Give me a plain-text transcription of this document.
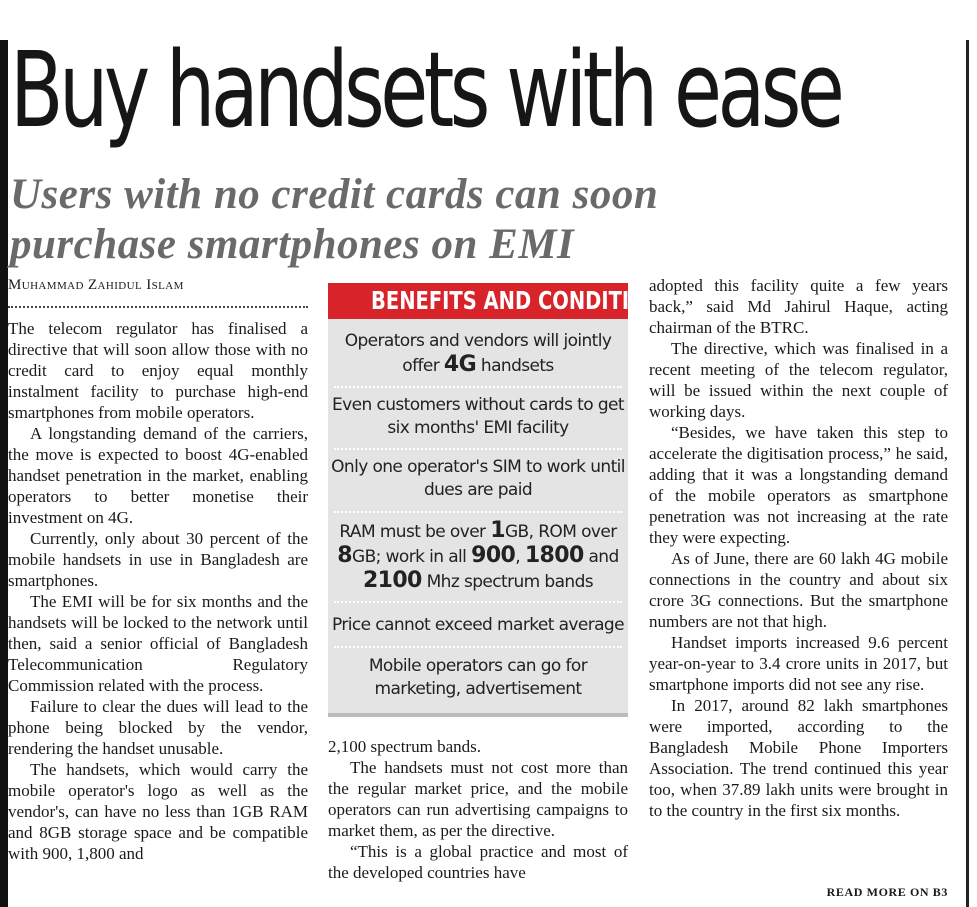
Buy handsets with ease
Users with no credit cards can soon purchase smartphones on EMI
Muhammad Zahidul Islam

The telecom regulator has finalised a directive that will soon allow those with no credit card to enjoy equal monthly instalment facility to purchase high-end smartphones from mobile operators.

A longstanding demand of the carriers, the move is expected to boost 4G-enabled handset penetration in the market, enabling operators to better monetise their investment on 4G.

Currently, only about 30 percent of the mobile handsets in use in Bangladesh are smartphones.

The EMI will be for six months and the handsets will be locked to the network until then, said a senior official of Bangladesh Telecommunication Regulatory Commission related with the process.

Failure to clear the dues will lead to the phone being blocked by the vendor, rendering the handset unusable.

The handsets, which would carry the mobile operator's logo as well as the vendor's, can have no less than 1GB RAM and 8GB storage space and be compatible with 900, 1,800 and

BENEFITS AND CONDITIONS
Operators and vendors will jointly offer 4G handsets
Even customers without cards to get six months' EMI facility
Only one operator's SIM to work until dues are paid
RAM must be over 1GB, ROM over 8GB; work in all 900, 1800 and 2100 Mhz spectrum bands
Price cannot exceed market average
Mobile operators can go for marketing, advertisement

2,100 spectrum bands.

The handsets must not cost more than the regular market price, and the mobile operators can run advertising campaigns to market them, as per the directive.

“This is a global practice and most of the developed countries have

adopted this facility quite a few years back,” said Md Jahirul Haque, acting chairman of the BTRC.

The directive, which was finalised in a recent meeting of the telecom regulator, will be issued within the next couple of working days.

“Besides, we have taken this step to accelerate the digitisation process,” he said, adding that it was a longstanding demand of the mobile operators as smartphone penetration was not increasing at the rate they were expecting.

As of June, there are 60 lakh 4G mobile connections in the country and about six crore 3G connections. But the smartphone numbers are not that high.

Handset imports increased 9.6 percent year-on-year to 3.4 crore units in 2017, but smartphone imports did not see any rise.

In 2017, around 82 lakh smartphones were imported, according to the Bangladesh Mobile Phone Importers Association. The trend continued this year too, when 37.89 lakh units were brought in to the country in the first six months.

READ MORE ON B3
